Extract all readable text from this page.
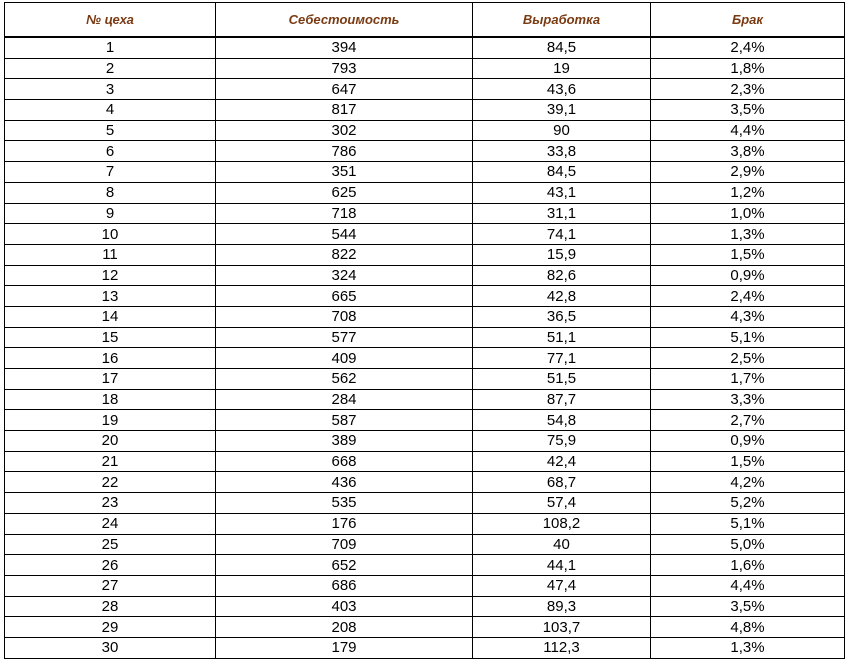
№ цеха	Себестоимость	Выработка	Брак
1	394	84,5	2,4%
2	793	19	1,8%
3	647	43,6	2,3%
4	817	39,1	3,5%
5	302	90	4,4%
6	786	33,8	3,8%
7	351	84,5	2,9%
8	625	43,1	1,2%
9	718	31,1	1,0%
10	544	74,1	1,3%
11	822	15,9	1,5%
12	324	82,6	0,9%
13	665	42,8	2,4%
14	708	36,5	4,3%
15	577	51,1	5,1%
16	409	77,1	2,5%
17	562	51,5	1,7%
18	284	87,7	3,3%
19	587	54,8	2,7%
20	389	75,9	0,9%
21	668	42,4	1,5%
22	436	68,7	4,2%
23	535	57,4	5,2%
24	176	108,2	5,1%
25	709	40	5,0%
26	652	44,1	1,6%
27	686	47,4	4,4%
28	403	89,3	3,5%
29	208	103,7	4,8%
30	179	112,3	1,3%
